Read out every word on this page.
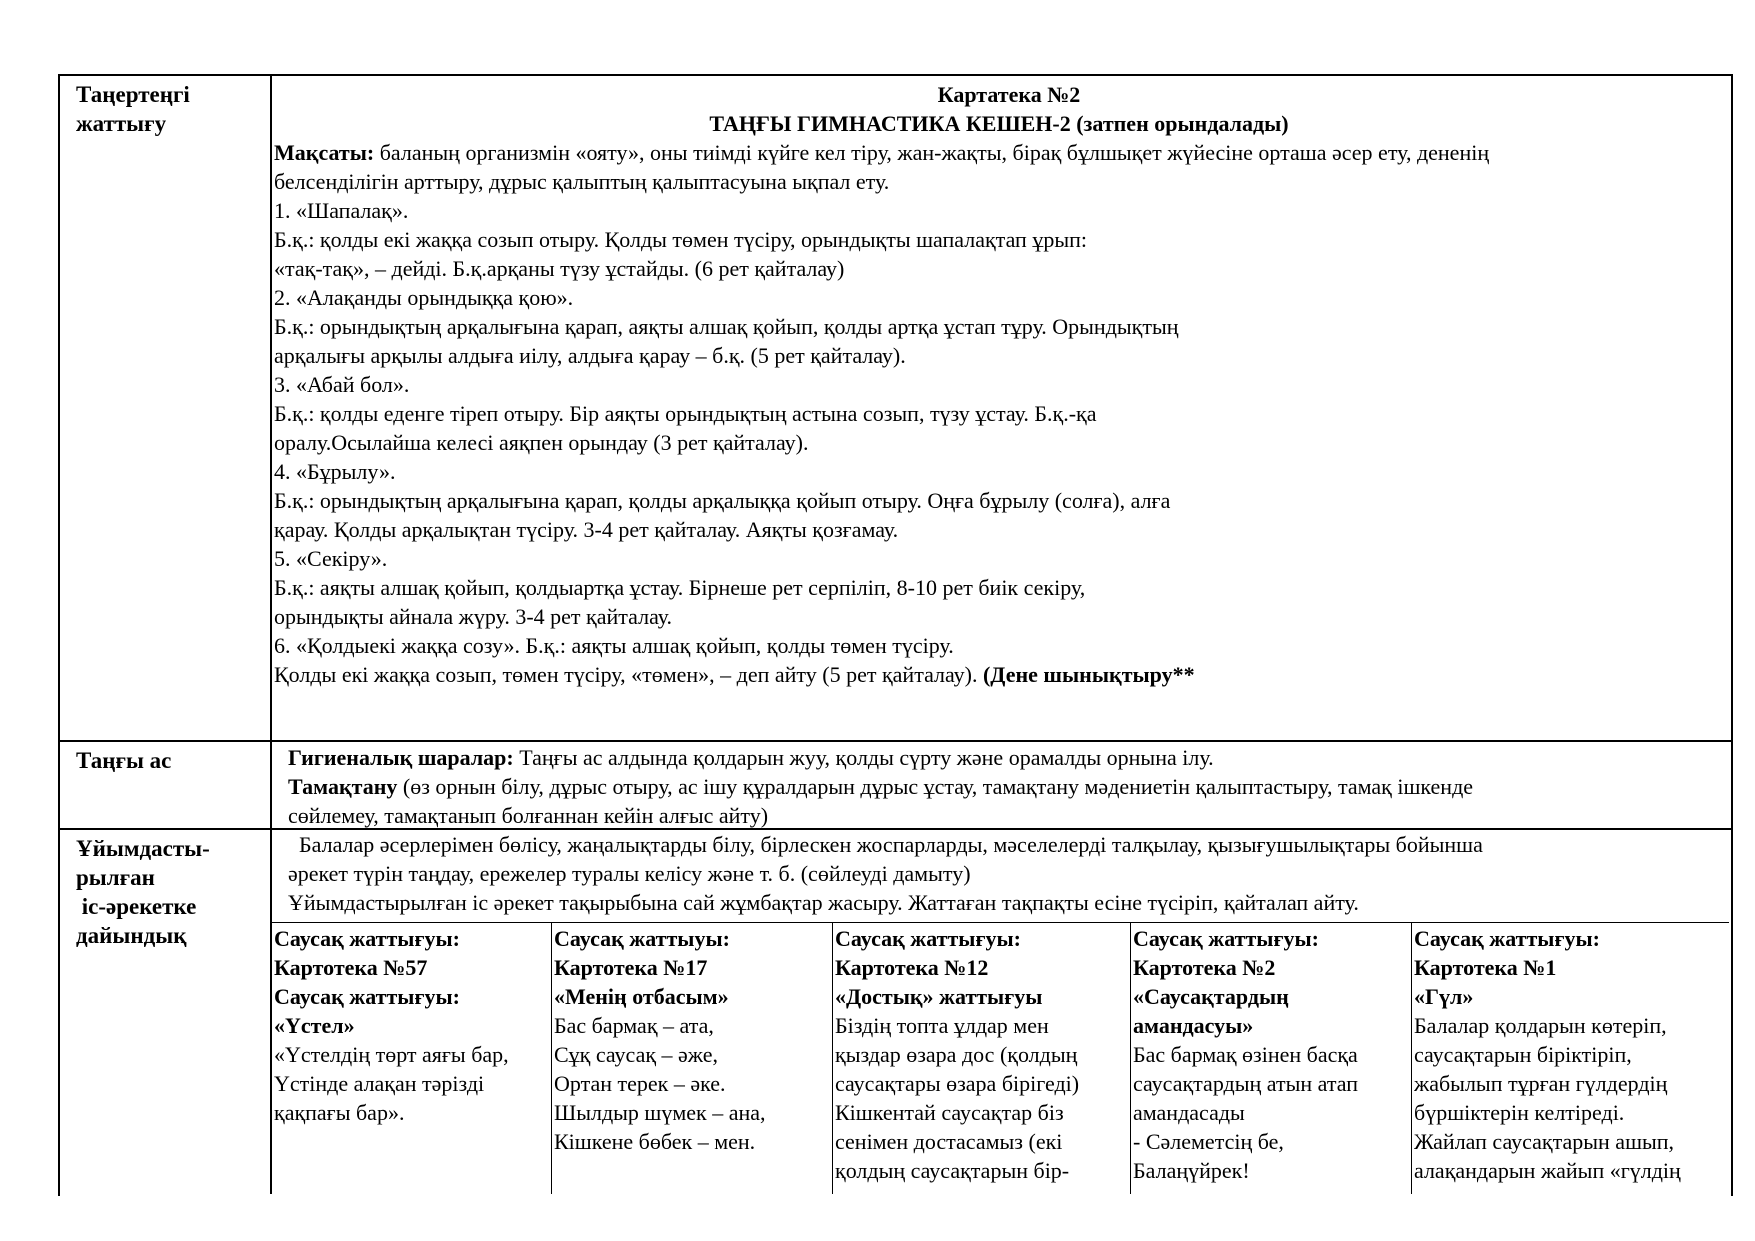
Таңертеңгі
жаттығу
Картатека №2
ТАҢҒЫ ГИМНАСТИКА КЕШЕН-2 (затпен орындалады)
Мақсаты: баланың организмін «ояту», оны тиімді күйге кел тіру, жан-жақты, бірақ бұлшықет жүйесіне орташа әсер ету, дененің
белсенділігін арттыру, дұрыс қалыптың қалыптасуына ықпал ету.
1. «Шапалақ».
Б.қ.: қолды екі жаққа созып отыру. Қолды төмен түсіру, орындықты шапалақтап ұрып:
«тақ-тақ», – дейді. Б.қ.арқаны түзу ұстайды. (6 рет қайталау)
2. «Алақанды орындыққа қою».
Б.қ.: орындықтың арқалығына қарап, аяқты алшақ қойып, қолды артқа ұстап тұру. Орындықтың
арқалығы арқылы алдыға иілу, алдыға қарау – б.қ. (5 рет қайталау).
3. «Абай бол».
Б.қ.: қолды еденге тіреп отыру. Бір аяқты орындықтың астына созып, түзу ұстау. Б.қ.-қа
оралу.Осылайша келесі аяқпен орындау (3 рет қайталау).
4. «Бұрылу».
Б.қ.: орындықтың арқалығына қарап, қолды арқалыққа қойып отыру. Оңға бұрылу (солға), алға
қарау. Қолды арқалықтан түсіру. 3-4 рет қайталау. Аяқты қозғамау.
5. «Секіру».
Б.қ.: аяқты алшақ қойып, қолдыартқа ұстау. Бірнеше рет серпіліп, 8-10 рет биік секіру,
орындықты айнала жүру. 3-4 рет қайталау.
6. «Қолдыекі жаққа созу». Б.қ.: аяқты алшақ қойып, қолды төмен түсіру.
Қолды екі жаққа созып, төмен түсіру, «төмен», – деп айту (5 рет қайталау). (Дене шынықтыру**
Таңғы ас	Гигиеналық шаралар: Таңғы ас алдында қолдарын жуу, қолды сүрту және орамалды орнына ілу.
Тамақтану (өз орнын білу, дұрыс отыру, ас ішу құралдарын дұрыс ұстау, тамақтану мәдениетін қалыптастыру, тамақ ішкенде
сөйлемеу, тамақтанып болғаннан кейін алғыс айту)
Ұйымдасты-
рылған
іс-әрекетке
дайындық
Балалар әсерлерімен бөлісу, жаңалықтарды білу, бірлескен жоспарларды, мәселелерді талқылау, қызығушылықтары бойынша
әрекет түрін таңдау, ережелер туралы келісу және т. б. (сөйлеуді дамыту)
Ұйымдастырылған іс әрекет тақырыбына сай жұмбақтар жасыру. Жаттаған тақпақты есіне түсіріп, қайталап айту.
Саусақ жаттығуы:
Картотека №57
Саусақ жаттығуы:
«Үстел»
«Үстелдің төрт аяғы бар,
Үстінде алақан тәрізді
қақпағы бар».
Саусақ жаттыуы:
Картотека №17
«Менің отбасым»
Бас бармақ – ата,
Сұқ саусақ – әже,
Ортан терек – әке.
Шылдыр шүмек – ана,
Кішкене бөбек – мен.
Саусақ жаттығуы:
Картотека №12
«Достық» жаттығуы
Біздің топта ұлдар мен
қыздар өзара дос (қолдың
саусақтары өзара бірігеді)
Кішкентай саусақтар біз
сенімен достасамыз (екі
қолдың саусақтарын бір-
Саусақ жаттығуы:
Картотека №2
«Саусақтардың
амандасуы»
Бас бармақ өзінен басқа
саусақтардың атын атап
амандасады
- Сәлеметсің бе,
Балаңүйрек!
Саусақ жаттығуы:
Картотека №1
«Гүл»
Балалар қолдарын көтеріп,
саусақтарын біріктіріп,
жабылып тұрған гүлдердің
бүршіктерін келтіреді.
Жайлап саусақтарын ашып,
алақандарын жайып «гүлдің
